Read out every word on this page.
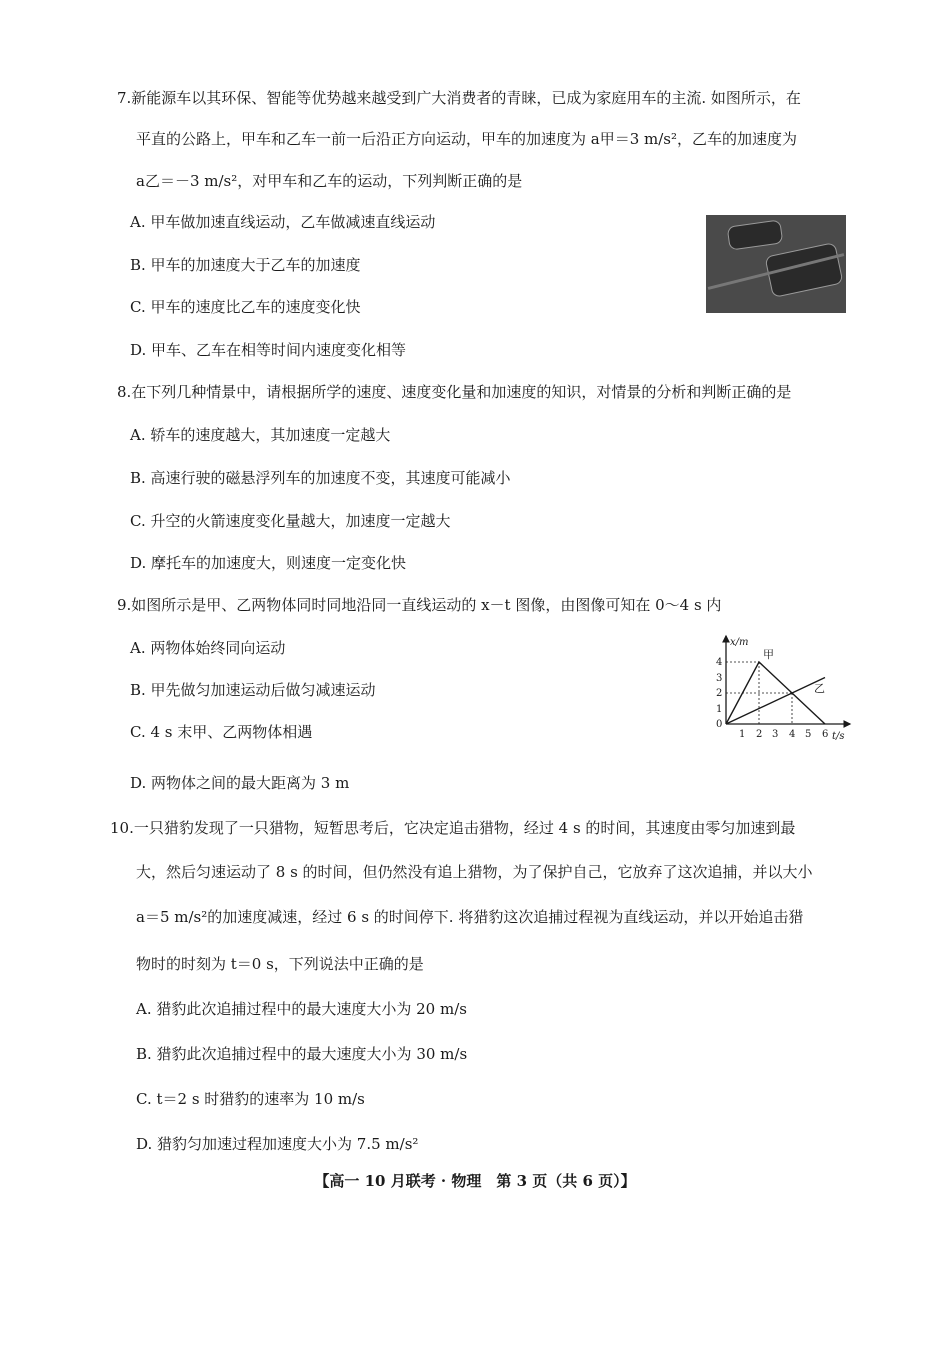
7.新能源车以其环保、智能等优势越来越受到广大消费者的青睐，已成为家庭用车的主流. 如图所示，在
平直的公路上，甲车和乙车一前一后沿正方向运动，甲车的加速度为 a甲＝3 m/s²，乙车的加速度为
a乙＝－3 m/s²，对甲车和乙车的运动，下列判断正确的是
A. 甲车做加速直线运动，乙车做减速直线运动
B. 甲车的加速度大于乙车的加速度
C. 甲车的速度比乙车的速度变化快
D. 甲车、乙车在相等时间内速度变化相等
8.在下列几种情景中，请根据所学的速度、速度变化量和加速度的知识，对情景的分析和判断正确的是
A. 轿车的速度越大，其加速度一定越大
B. 高速行驶的磁悬浮列车的加速度不变，其速度可能减小
C. 升空的火箭速度变化量越大，加速度一定越大
D. 摩托车的加速度大，则速度一定变化快
9.如图所示是甲、乙两物体同时同地沿同一直线运动的 x－t 图像，由图像可知在 0～4 s 内
A. 两物体始终同向运动
B. 甲先做匀加速运动后做匀减速运动
C. 4 s 末甲、乙两物体相遇
D. 两物体之间的最大距离为 3 m
x/m
甲
乙
4
3
2
1
0
1 2 3 4 5 6 t/s
10.一只猎豹发现了一只猎物，短暂思考后，它决定追击猎物，经过 4 s 的时间，其速度由零匀加速到最
大，然后匀速运动了 8 s 的时间，但仍然没有追上猎物，为了保护自己，它放弃了这次追捕，并以大小
a＝5 m/s²的加速度减速，经过 6 s 的时间停下. 将猎豹这次追捕过程视为直线运动，并以开始追击猎
物时的时刻为 t＝0 s，下列说法中正确的是
A. 猎豹此次追捕过程中的最大速度大小为 20 m/s
B. 猎豹此次追捕过程中的最大速度大小为 30 m/s
C. t＝2 s 时猎豹的速率为 10 m/s
D. 猎豹匀加速过程加速度大小为 7.5 m/s²
【高一 10 月联考 · 物理　第 3 页（共 6 页）】
